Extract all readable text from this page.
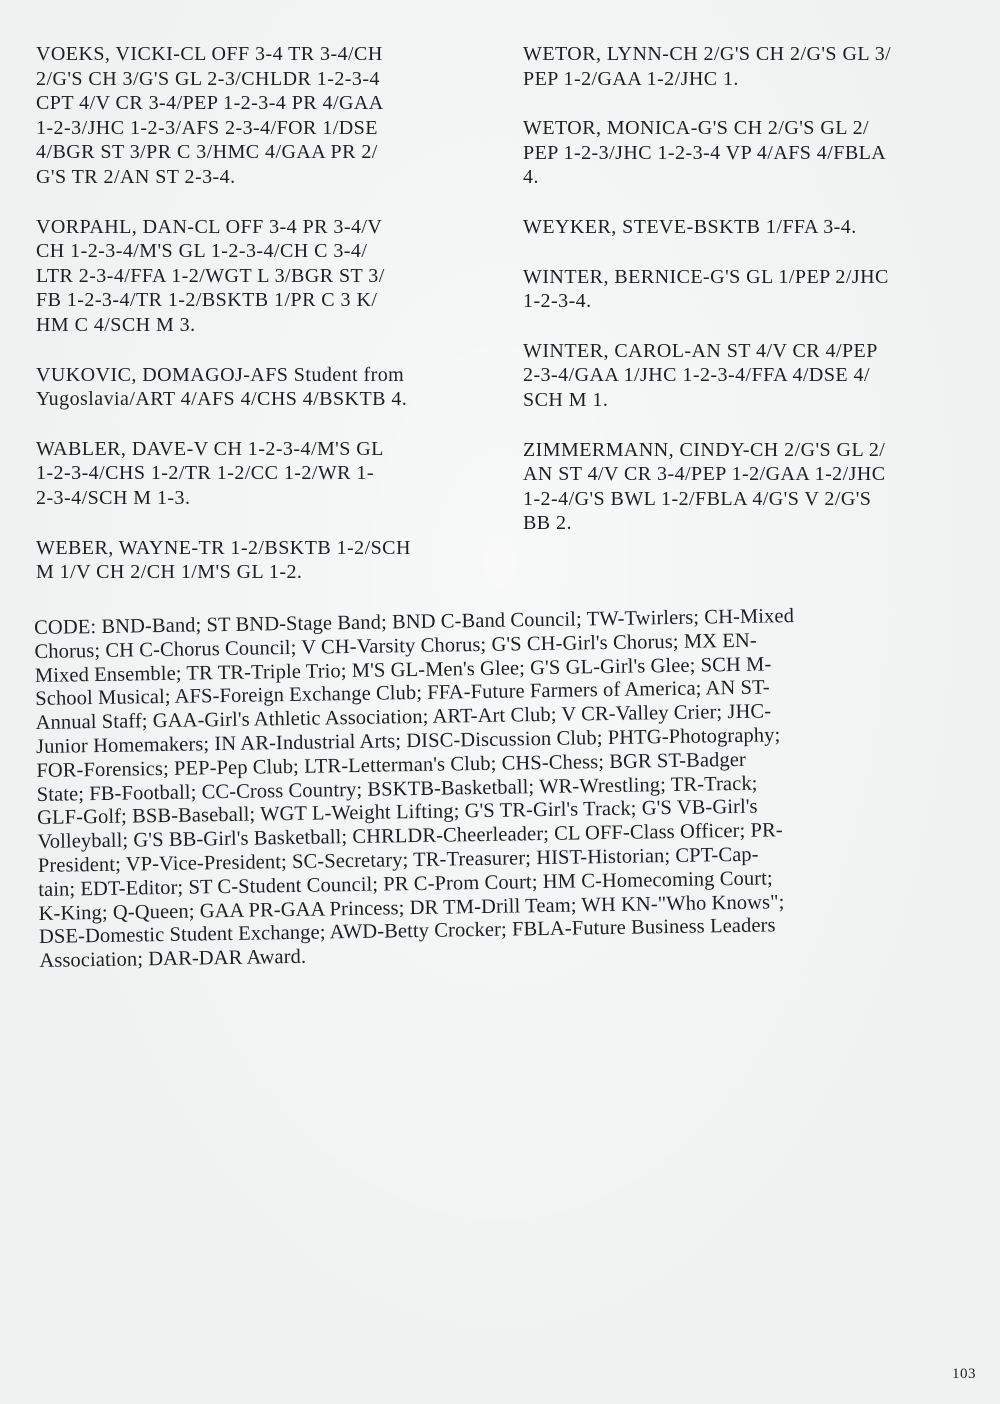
VOEKS, VICKI-CL OFF 3-4 TR 3-4/CH
2/G'S CH 3/G'S GL 2-3/CHLDR 1-2-3-4
CPT 4/V CR 3-4/PEP 1-2-3-4 PR 4/GAA
1-2-3/JHC 1-2-3/AFS 2-3-4/FOR 1/DSE
4/BGR ST 3/PR C 3/HMC 4/GAA PR 2/
G'S TR 2/AN ST 2-3-4.

VORPAHL, DAN-CL OFF 3-4 PR 3-4/V
CH 1-2-3-4/M'S GL 1-2-3-4/CH C 3-4/
LTR 2-3-4/FFA 1-2/WGT L 3/BGR ST 3/
FB 1-2-3-4/TR 1-2/BSKTB 1/PR C 3 K/
HM C 4/SCH M 3.

VUKOVIC, DOMAGOJ-AFS Student from
Yugoslavia/ART 4/AFS 4/CHS 4/BSKTB 4.

WABLER, DAVE-V CH 1-2-3-4/M'S GL
1-2-3-4/CHS 1-2/TR 1-2/CC 1-2/WR 1-
2-3-4/SCH M 1-3.

WEBER, WAYNE-TR 1-2/BSKTB 1-2/SCH
M 1/V CH 2/CH 1/M'S GL 1-2.

WETOR, LYNN-CH 2/G'S CH 2/G'S GL 3/
PEP 1-2/GAA 1-2/JHC 1.

WETOR, MONICA-G'S CH 2/G'S GL 2/
PEP 1-2-3/JHC 1-2-3-4 VP 4/AFS 4/FBLA
4.

WEYKER, STEVE-BSKTB 1/FFA 3-4.

WINTER, BERNICE-G'S GL 1/PEP 2/JHC
1-2-3-4.

WINTER, CAROL-AN ST 4/V CR 4/PEP
2-3-4/GAA 1/JHC 1-2-3-4/FFA 4/DSE 4/
SCH M 1.

ZIMMERMANN, CINDY-CH 2/G'S GL 2/
AN ST 4/V CR 3-4/PEP 1-2/GAA 1-2/JHC
1-2-4/G'S BWL 1-2/FBLA 4/G'S V 2/G'S
BB 2.

CODE: BND-Band; ST BND-Stage Band; BND C-Band Council; TW-Twirlers; CH-Mixed
Chorus; CH C-Chorus Council; V CH-Varsity Chorus; G'S CH-Girl's Chorus; MX EN-
Mixed Ensemble; TR TR-Triple Trio; M'S GL-Men's Glee; G'S GL-Girl's Glee; SCH M-
School Musical; AFS-Foreign Exchange Club; FFA-Future Farmers of America; AN ST-
Annual Staff; GAA-Girl's Athletic Association; ART-Art Club; V CR-Valley Crier; JHC-
Junior Homemakers; IN AR-Industrial Arts; DISC-Discussion Club; PHTG-Photography;
FOR-Forensics; PEP-Pep Club; LTR-Letterman's Club; CHS-Chess; BGR ST-Badger
State; FB-Football; CC-Cross Country; BSKTB-Basketball; WR-Wrestling; TR-Track;
GLF-Golf; BSB-Baseball; WGT L-Weight Lifting; G'S TR-Girl's Track; G'S VB-Girl's
Volleyball; G'S BB-Girl's Basketball; CHRLDR-Cheerleader; CL OFF-Class Officer; PR-
President; VP-Vice-President; SC-Secretary; TR-Treasurer; HIST-Historian; CPT-Cap-
tain; EDT-Editor; ST C-Student Council; PR C-Prom Court; HM C-Homecoming Court;
K-King; Q-Queen; GAA PR-GAA Princess; DR TM-Drill Team; WH KN-"Who Knows";
DSE-Domestic Student Exchange; AWD-Betty Crocker; FBLA-Future Business Leaders
Association; DAR-DAR Award.
103
